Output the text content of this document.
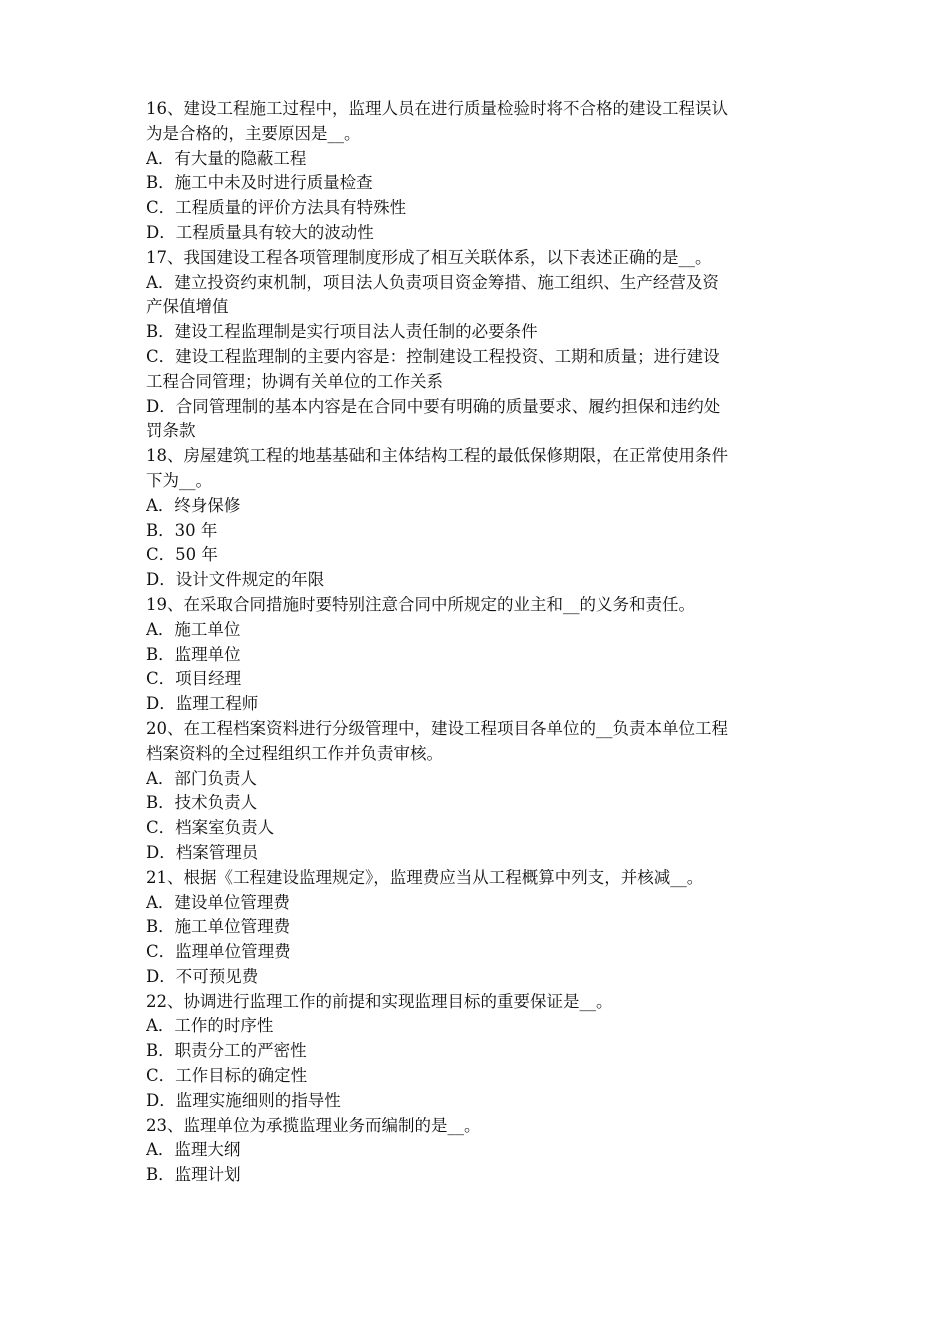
16、建设工程施工过程中，监理人员在进行质量检验时将不合格的建设工程误认
为是合格的，主要原因是__。
A．有大量的隐蔽工程
B．施工中未及时进行质量检查
C．工程质量的评价方法具有特殊性
D．工程质量具有较大的波动性
17、我国建设工程各项管理制度形成了相互关联体系，以下表述正确的是__。
A．建立投资约束机制，项目法人负责项目资金筹措、施工组织、生产经营及资
产保值增值
B．建设工程监理制是实行项目法人责任制的必要条件
C．建设工程监理制的主要内容是：控制建设工程投资、工期和质量；进行建设
工程合同管理；协调有关单位的工作关系
D．合同管理制的基本内容是在合同中要有明确的质量要求、履约担保和违约处
罚条款
18、房屋建筑工程的地基基础和主体结构工程的最低保修期限，在正常使用条件
下为__。
A．终身保修
B．30 年
C．50 年
D．设计文件规定的年限
19、在采取合同措施时要特别注意合同中所规定的业主和__的义务和责任。
A．施工单位
B．监理单位
C．项目经理
D．监理工程师
20、在工程档案资料进行分级管理中，建设工程项目各单位的__负责本单位工程
档案资料的全过程组织工作并负责审核。
A．部门负责人
B．技术负责人
C．档案室负责人
D．档案管理员
21、根据《工程建设监理规定》，监理费应当从工程概算中列支，并核减__。
A．建设单位管理费
B．施工单位管理费
C．监理单位管理费
D．不可预见费
22、协调进行监理工作的前提和实现监理目标的重要保证是__。
A．工作的时序性
B．职责分工的严密性
C．工作目标的确定性
D．监理实施细则的指导性
23、监理单位为承揽监理业务而编制的是__。
A．监理大纲
B．监理计划
